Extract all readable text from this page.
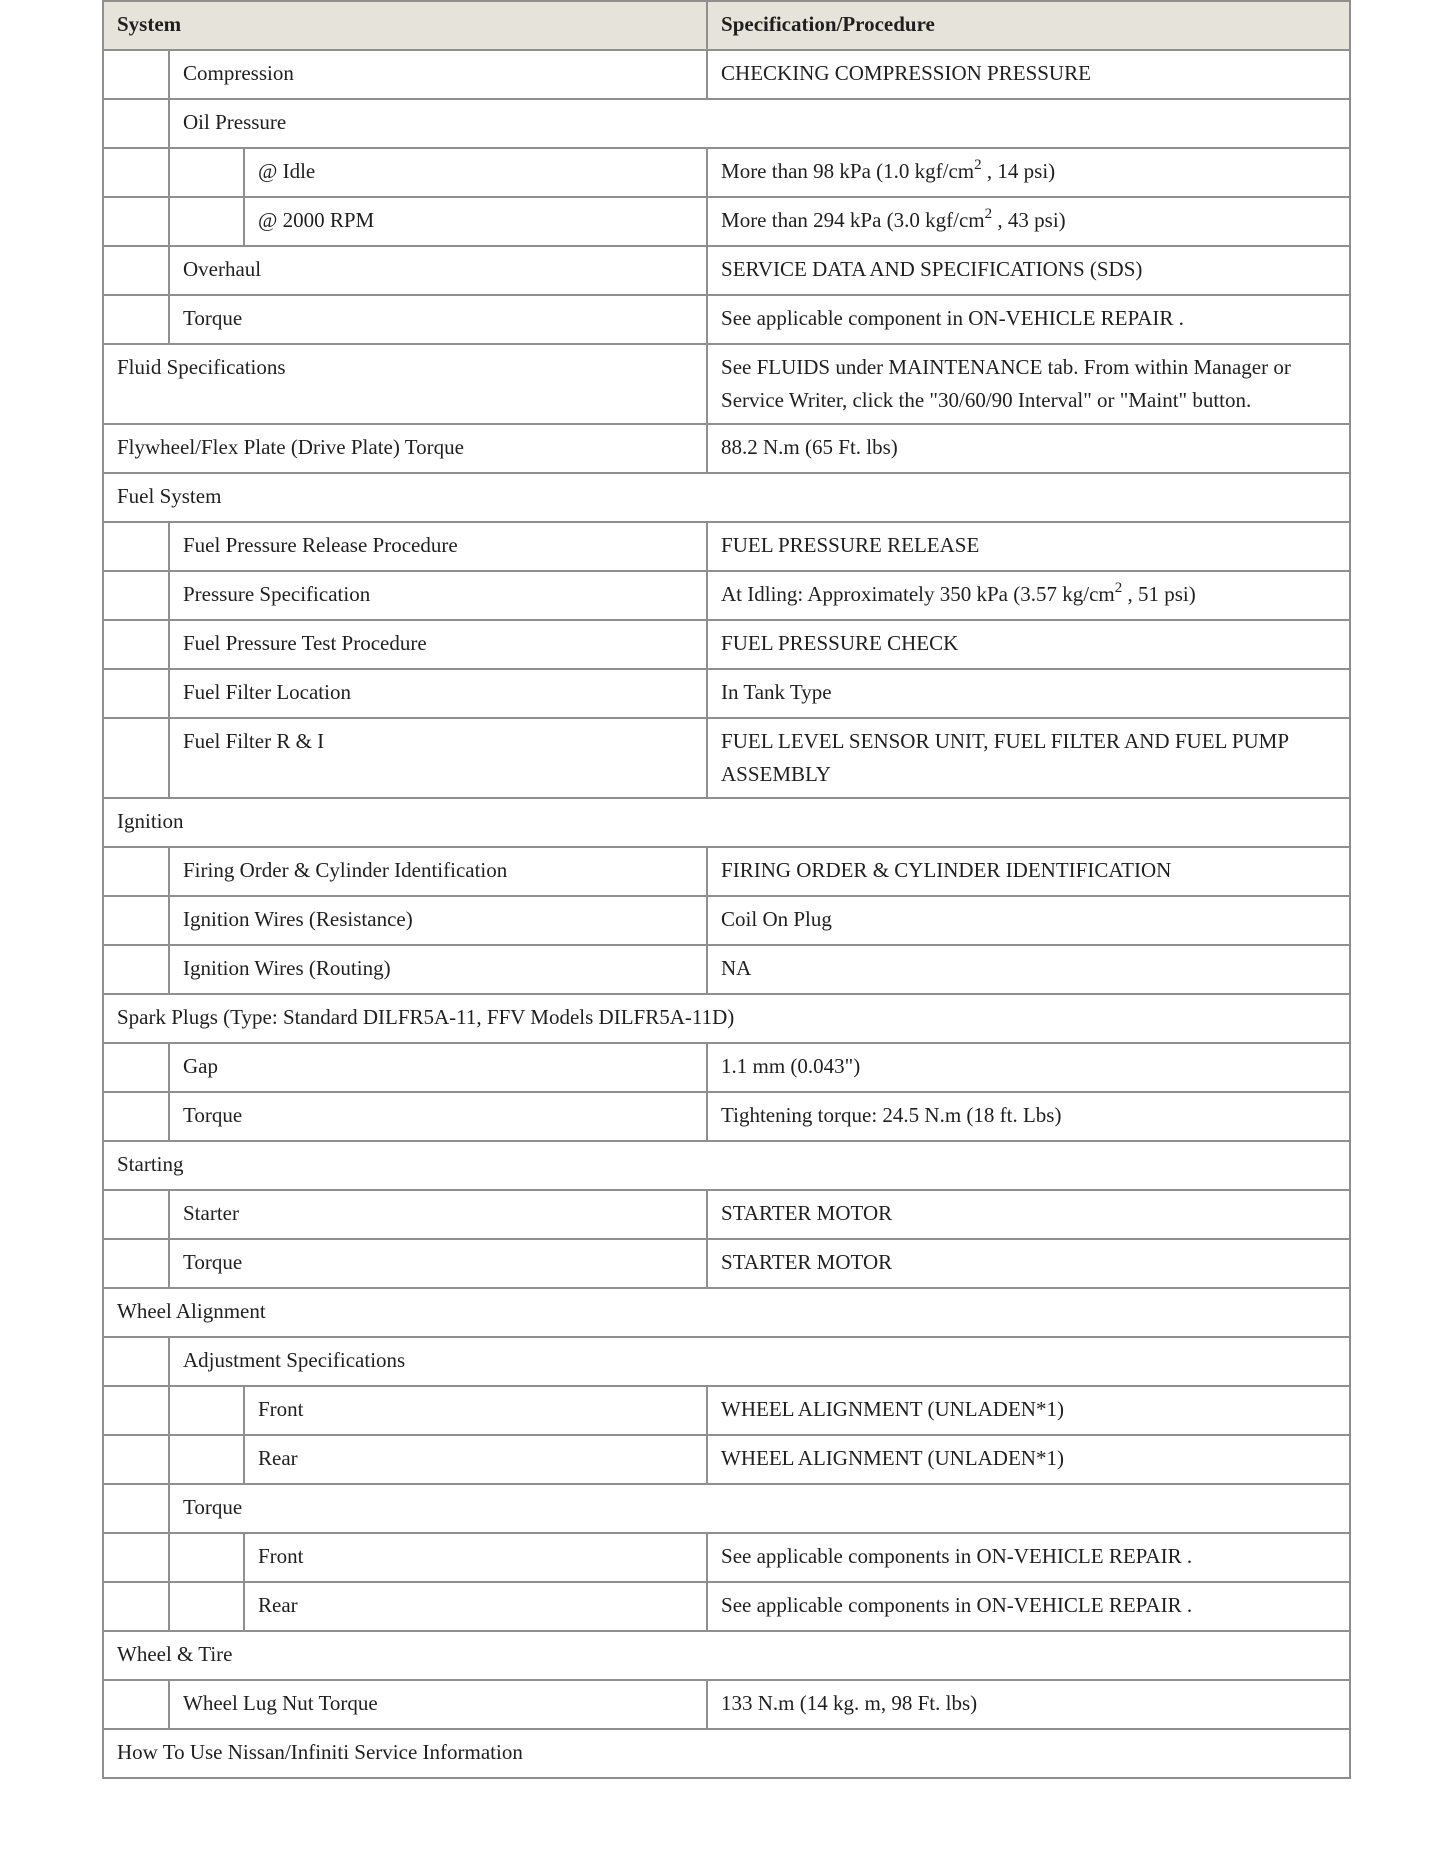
System			Specification/Procedure
	Compression		CHECKING COMPRESSION PRESSURE
	Oil Pressure		
		@ Idle	More than 98 kPa (1.0 kgf/$cm^2$ , 14 psi)
		@ 2000 RPM	More than 294 kPa (3.0 kgf/$cm^2$ , 43 psi)
	Overhaul		SERVICE DATA AND SPECIFICATIONS (SDS)
	Torque		See applicable component in ON-VEHICLE REPAIR .
Fluid Specifications			See FLUIDS under MAINTENANCE tab. From within Manager or Service Writer, click the "30/60/90 Interval" or "Maint" button.
Flywheel/Flex Plate (Drive Plate) Torque			88.2 N.m (65 Ft. lbs)
Fuel System			
	Fuel Pressure Release Procedure		FUEL PRESSURE RELEASE
	Pressure Specification		At Idling: Approximately 350 kPa (3.57 $kg/cm^2$ , 51 psi)
	Fuel Pressure Test Procedure		FUEL PRESSURE CHECK
	Fuel Filter Location		In Tank Type
	Fuel Filter R & I		FUEL LEVEL SENSOR UNIT, FUEL FILTER AND FUEL PUMP ASSEMBLY
Ignition			
	Firing Order & Cylinder Identification		FIRING ORDER & CYLINDER IDENTIFICATION
	Ignition Wires (Resistance)		Coil On Plug
	Ignition Wires (Routing)		NA
Spark Plugs (Type: Standard DILFR5A-11, FFV Models DILFR5A-11D)			
	Gap		1.1 mm (0.043")
	Torque		Tightening torque: 24.5 N.m (18 ft. Lbs)
Starting			
	Starter		STARTER MOTOR
	Torque		STARTER MOTOR
Wheel Alignment			
	Adjustment Specifications		
		Front	WHEEL ALIGNMENT (UNLADEN*1)
		Rear	WHEEL ALIGNMENT (UNLADEN*1)
	Torque		
		Front	See applicable components in ON-VEHICLE REPAIR .
		Rear	See applicable components in ON-VEHICLE REPAIR .
Wheel & Tire			
	Wheel Lug Nut Torque		133 N.m (14 kg. m, 98 Ft. lbs)
How To Use Nissan/Infiniti Service Information			
